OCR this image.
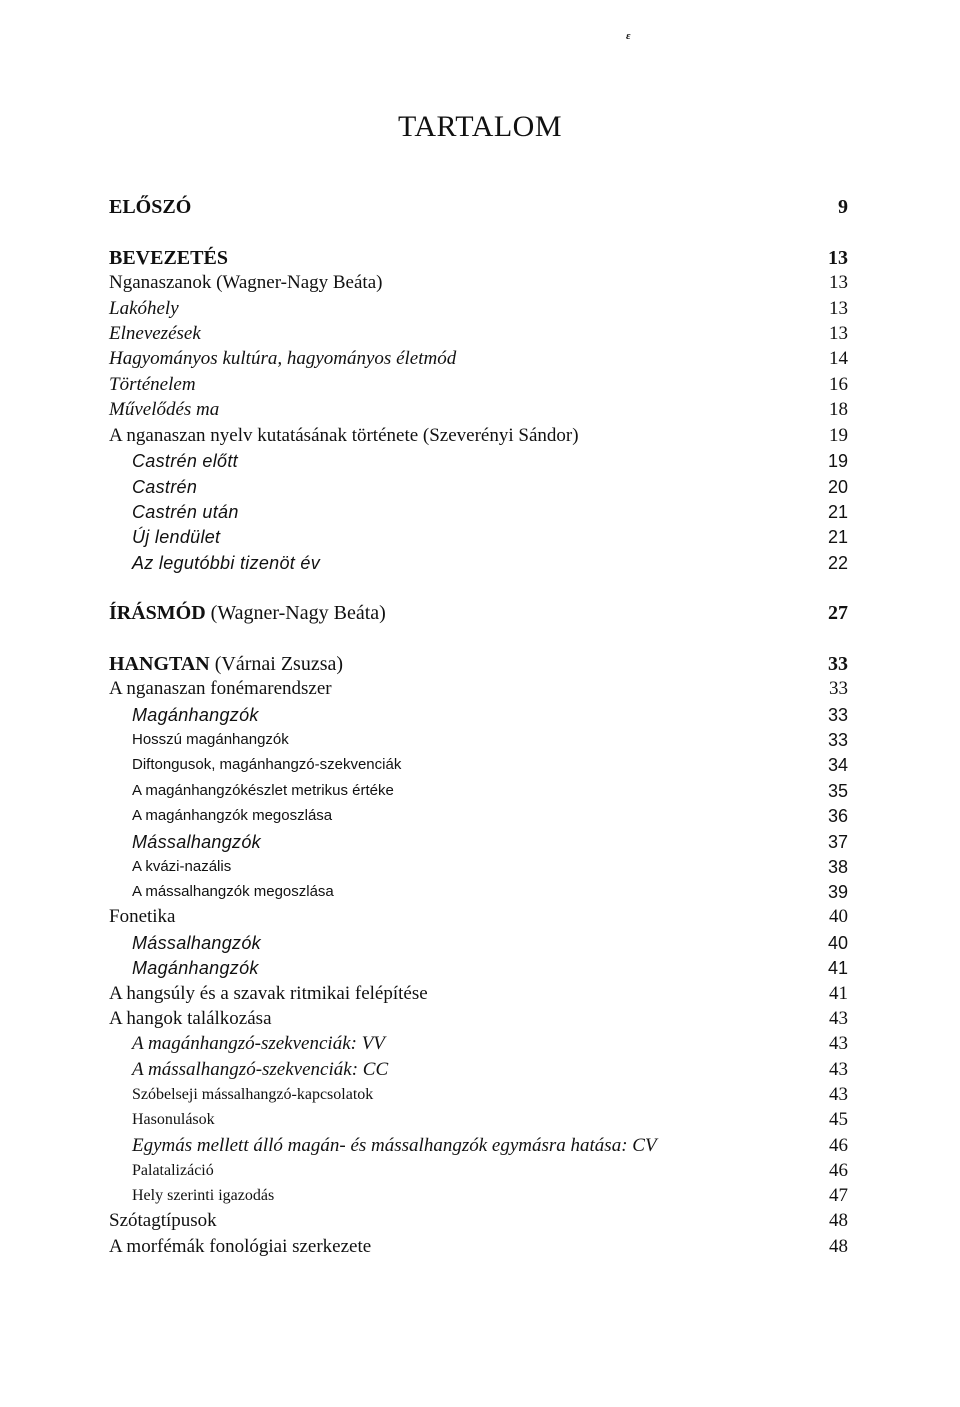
ɛ
TARTALOM
ELŐSZÓ	9
BEVEZETÉS	13
Nganaszanok (Wagner-Nagy Beáta)	13
Lakóhely	13
Elnevezések	13
Hagyományos kultúra, hagyományos életmód	14
Történelem	16
Művelődés ma	18
A nganaszan nyelv kutatásának története (Szeverényi Sándor)	19
Castrén előtt	19
Castrén	20
Castrén után	21
Új lendület	21
Az legutóbbi tizenöt év	22
ÍRÁSMÓD (Wagner-Nagy Beáta)	27
HANGTAN (Várnai Zsuzsa)	33
A nganaszan fonémarendszer	33
Magánhangzók	33
Hosszú magánhangzók	33
Diftongusok, magánhangzó-szekvenciák	34
A magánhangzókészlet metrikus értéke	35
A magánhangzók megoszlása	36
Mássalhangzók	37
A kvázi-nazális	38
A mássalhangzók megoszlása	39
Fonetika	40
Mássalhangzók	40
Magánhangzók	41
A hangsúly és a szavak ritmikai felépítése	41
A hangok találkozása	43
A magánhangzó-szekvenciák: VV	43
A mássalhangzó-szekvenciák: CC	43
Szóbelseji mássalhangzó-kapcsolatok	43
Hasonulások	45
Egymás mellett álló magán- és mássalhangzók egymásra hatása: CV	46
Palatalizáció	46
Hely szerinti igazodás	47
Szótagtípusok	48
A morfémák fonológiai szerkezete	48
